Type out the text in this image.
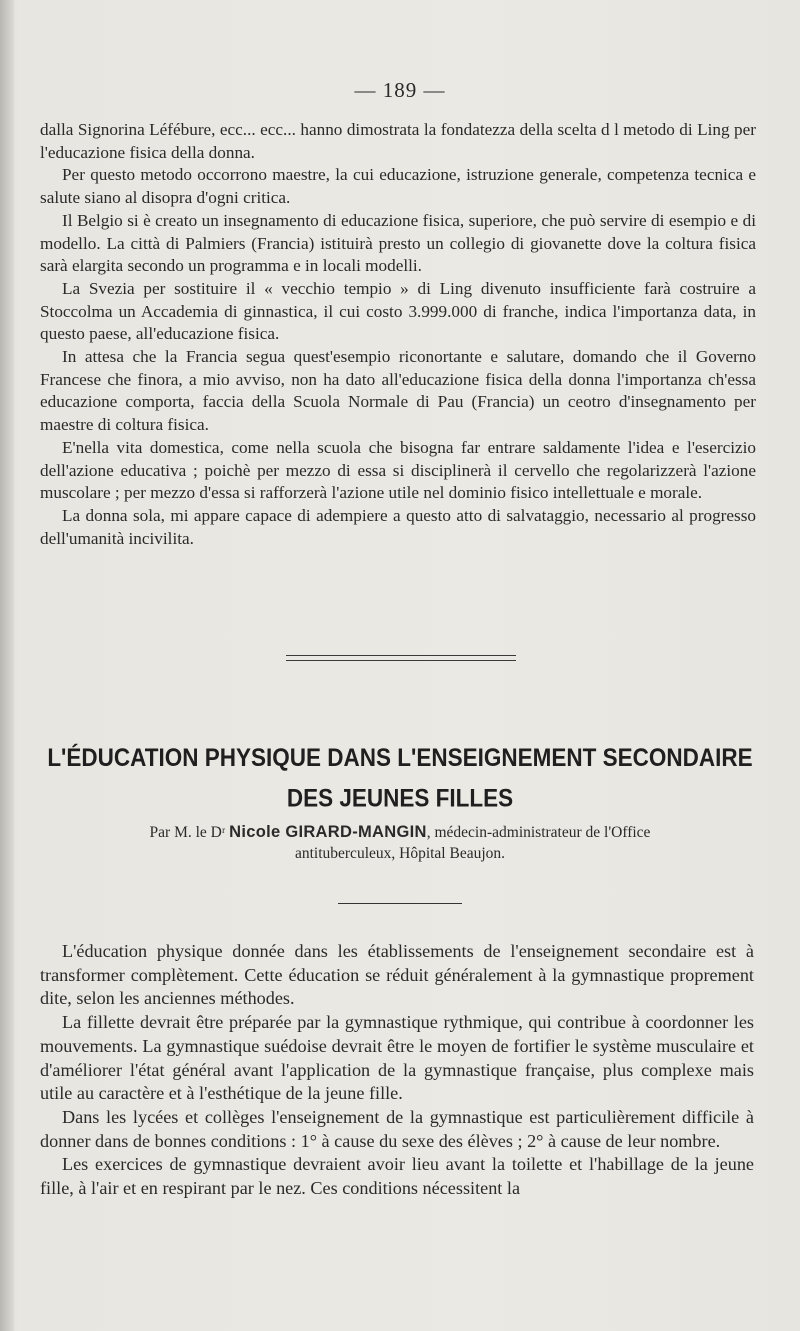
— 189 —

dalla Signorina Léfébure, ecc... ecc... hanno dimostrata la fondatezza della scelta d l metodo di Ling per l'educazione fisica della donna.

Per questo metodo occorrono maestre, la cui educazione, istruzione generale, competenza tecnica e salute siano al disopra d'ogni critica.

Il Belgio si è creato un insegnamento di educazione fisica, superiore, che può servire di esempio e di modello. La città di Palmiers (Francia) istituirà presto un collegio di giovanette dove la coltura fisica sarà elargita secondo un programma e in locali modelli.

La Svezia per sostituire il « vecchio tempio » di Ling divenuto insufficiente farà costruire a Stoccolma un Accademia di ginnastica, il cui costo 3.999.000 di franche, indica l'importanza data, in questo paese, all'educazione fisica.

In attesa che la Francia segua quest'esempio riconortante e salutare, domando che il Governo Francese che finora, a mio avviso, non ha dato all'educazione fisica della donna l'importanza ch'essa educazione comporta, faccia della Scuola Normale di Pau (Francia) un ceotro d'insegnamento per maestre di coltura fisica.

E'nella vita domestica, come nella scuola che bisogna far entrare saldamente l'idea e l'esercizio dell'azione educativa ; poichè per mezzo di essa si disciplinerà il cervello che regolarizzerà l'azione muscolare ; per mezzo d'essa si rafforzerà l'azione utile nel dominio fisico intellettuale e morale.

La donna sola, mi appare capace di adempiere a questo atto di salvataggio, necessario al progresso dell'umanità incivilita.

L'ÉDUCATION PHYSIQUE DANS L'ENSEIGNEMENT SECONDAIRE
DES JEUNES FILLES
Par M. le Dʳ Nicole GIRARD-MANGIN, médecin-administrateur de l'Office
antituberculeux, Hôpital Beaujon.

L'éducation physique donnée dans les établissements de l'enseignement secondaire est à transformer complètement. Cette éducation se réduit généralement à la gymnastique proprement dite, selon les anciennes méthodes.

La fillette devrait être préparée par la gymnastique rythmique, qui contribue à coordonner les mouvements. La gymnastique suédoise devrait être le moyen de fortifier le système musculaire et d'améliorer l'état général avant l'application de la gymnastique française, plus complexe mais utile au caractère et à l'esthétique de la jeune fille.

Dans les lycées et collèges l'enseignement de la gymnastique est particulièrement difficile à donner dans de bonnes conditions : 1° à cause du sexe des élèves ; 2° à cause de leur nombre.

Les exercices de gymnastique devraient avoir lieu avant la toilette et l'habillage de la jeune fille, à l'air et en respirant par le nez. Ces conditions nécessitent la
